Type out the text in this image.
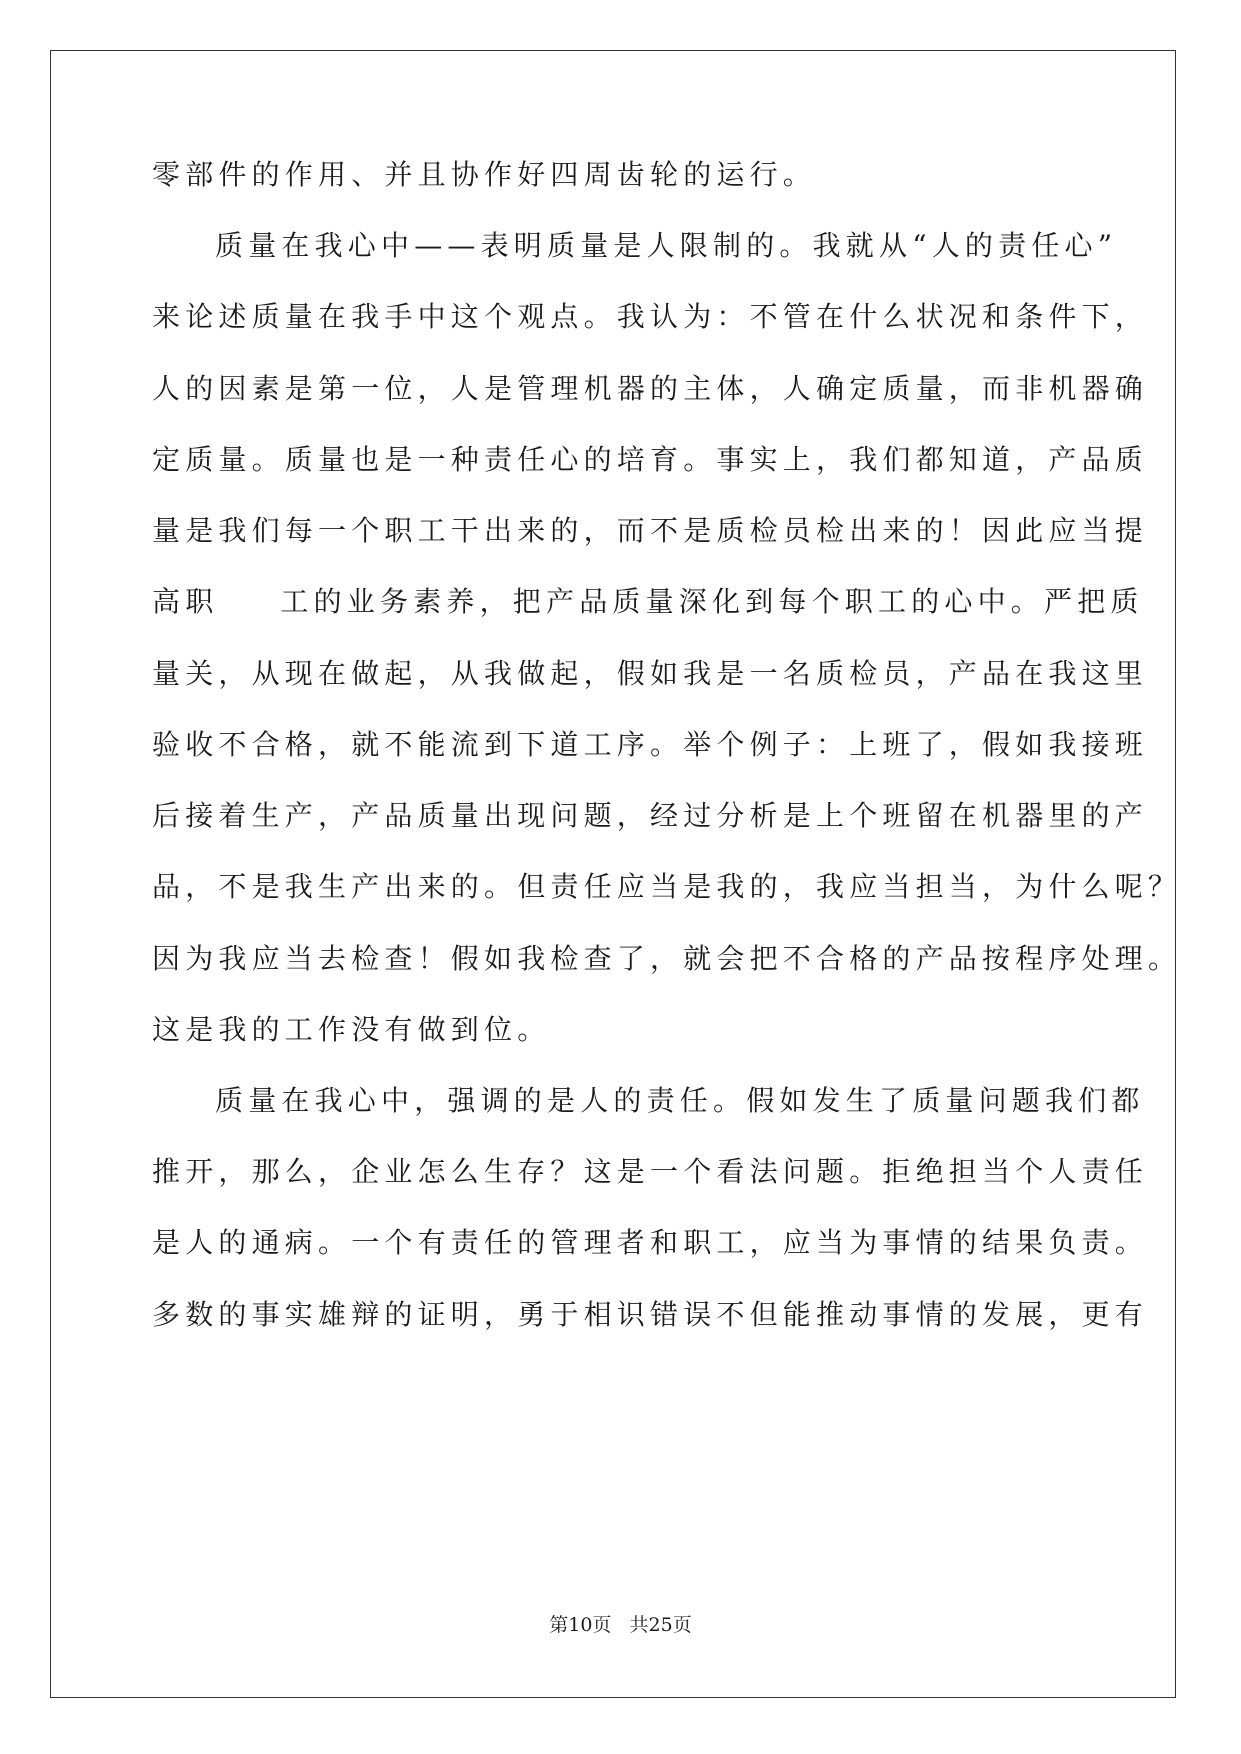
零部件的作用、并且协作好四周齿轮的运行。
质量在我心中——表明质量是人限制的。我就从“人的责任心”
来论述质量在我手中这个观点。我认为：不管在什么状况和条件下，
人的因素是第一位，人是管理机器的主体，人确定质量，而非机器确
定质量。质量也是一种责任心的培育。事实上，我们都知道，产品质
量是我们每一个职工干出来的，而不是质检员检出来的！因此应当提
高职 工的业务素养，把产品质量深化到每个职工的心中。严把质
量关，从现在做起，从我做起，假如我是一名质检员，产品在我这里
验收不合格，就不能流到下道工序。举个例子：上班了，假如我接班
后接着生产，产品质量出现问题，经过分析是上个班留在机器里的产
品，不是我生产出来的。但责任应当是我的，我应当担当，为什么呢？
因为我应当去检查！假如我检查了，就会把不合格的产品按程序处理。
这是我的工作没有做到位。
质量在我心中，强调的是人的责任。假如发生了质量问题我们都
推开，那么，企业怎么生存？这是一个看法问题。拒绝担当个人责任
是人的通病。一个有责任的管理者和职工，应当为事情的结果负责。
多数的事实雄辩的证明，勇于相识错误不但能推动事情的发展，更有
第10页   共25页
